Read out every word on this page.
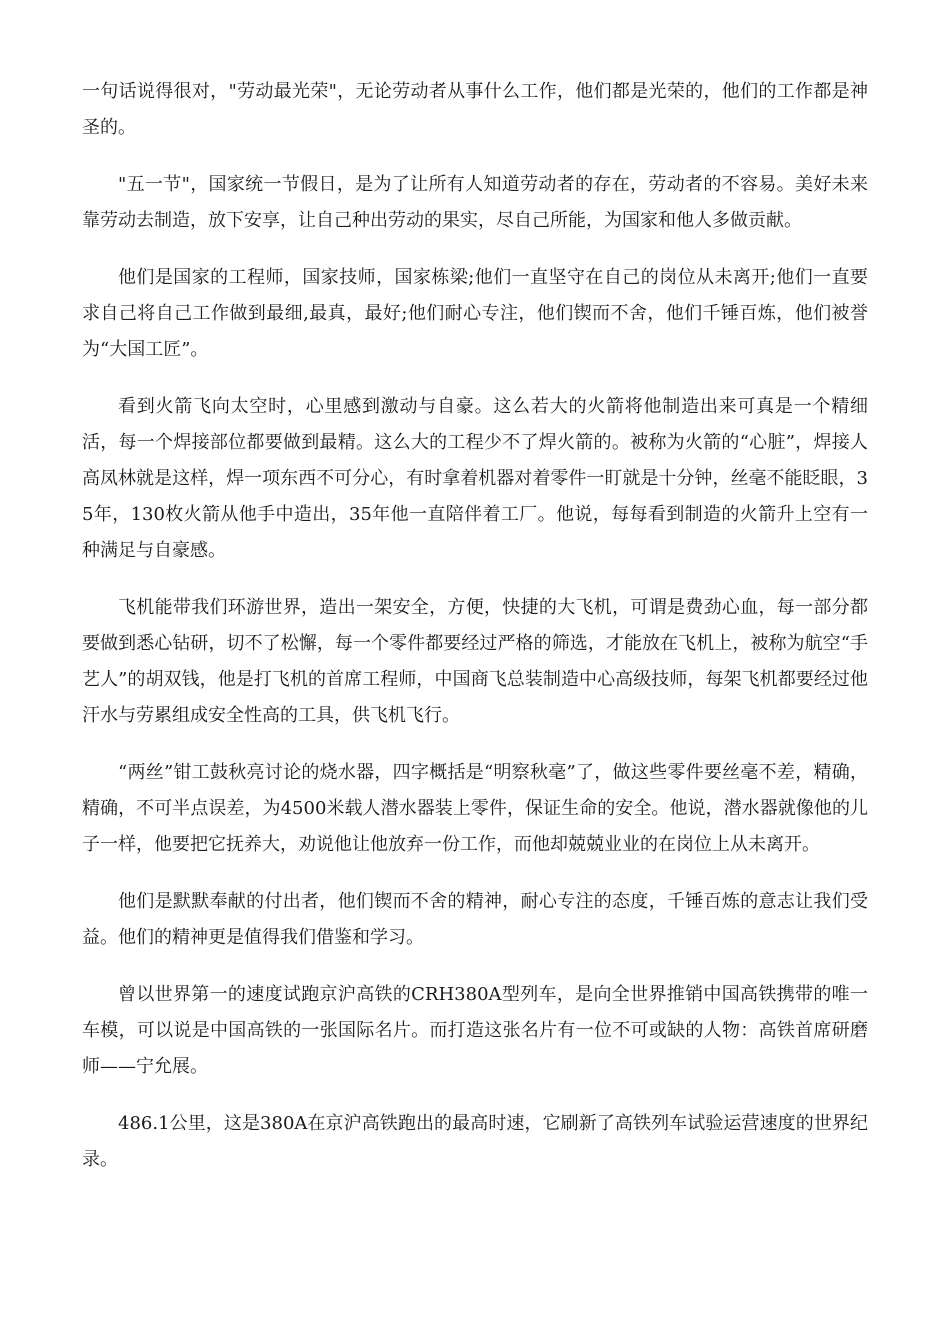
一句话说得很对，"劳动最光荣"，无论劳动者从事什么工作，他们都是光荣的，他们的工作都是神圣的。

"五一节"，国家统一节假日，是为了让所有人知道劳动者的存在，劳动者的不容易。美好未来靠劳动去制造，放下安享，让自己种出劳动的果实，尽自己所能，为国家和他人多做贡献。

他们是国家的工程师，国家技师，国家栋梁;他们一直坚守在自己的岗位从未离开;他们一直要求自己将自己工作做到最细,最真，最好;他们耐心专注，他们锲而不舍，他们千锤百炼，他们被誉为“大国工匠”。

看到火箭飞向太空时，心里感到激动与自豪。这么若大的火箭将他制造出来可真是一个精细活，每一个焊接部位都要做到最精。这么大的工程少不了焊火箭的。被称为火箭的“心脏”，焊接人高凤林就是这样，焊一项东西不可分心，有时拿着机器对着零件一盯就是十分钟，丝毫不能眨眼，35年，130枚火箭从他手中造出，35年他一直陪伴着工厂。他说，每每看到制造的火箭升上空有一种满足与自豪感。

飞机能带我们环游世界，造出一架安全，方便，快捷的大飞机，可谓是费劲心血，每一部分都要做到悉心钻研，切不了松懈，每一个零件都要经过严格的筛选，才能放在飞机上，被称为航空“手艺人”的胡双钱，他是打飞机的首席工程师，中国商飞总装制造中心高级技师，每架飞机都要经过他汗水与劳累组成安全性高的工具，供飞机飞行。

“两丝”钳工鼓秋亮讨论的烧水器，四字概括是“明察秋毫”了，做这些零件要丝毫不差，精确，精确，不可半点误差，为4500米载人潜水器装上零件，保证生命的安全。他说，潜水器就像他的儿子一样，他要把它抚养大，劝说他让他放弃一份工作，而他却兢兢业业的在岗位上从未离开。

他们是默默奉献的付出者，他们锲而不舍的精神，耐心专注的态度，千锤百炼的意志让我们受益。他们的精神更是值得我们借鉴和学习。

曾以世界第一的速度试跑京沪高铁的CRH380A型列车，是向全世界推销中国高铁携带的唯一车模，可以说是中国高铁的一张国际名片。而打造这张名片有一位不可或缺的人物：高铁首席研磨师——宁允展。

486.1公里，这是380A在京沪高铁跑出的最高时速，它刷新了高铁列车试验运营速度的世界纪录。
